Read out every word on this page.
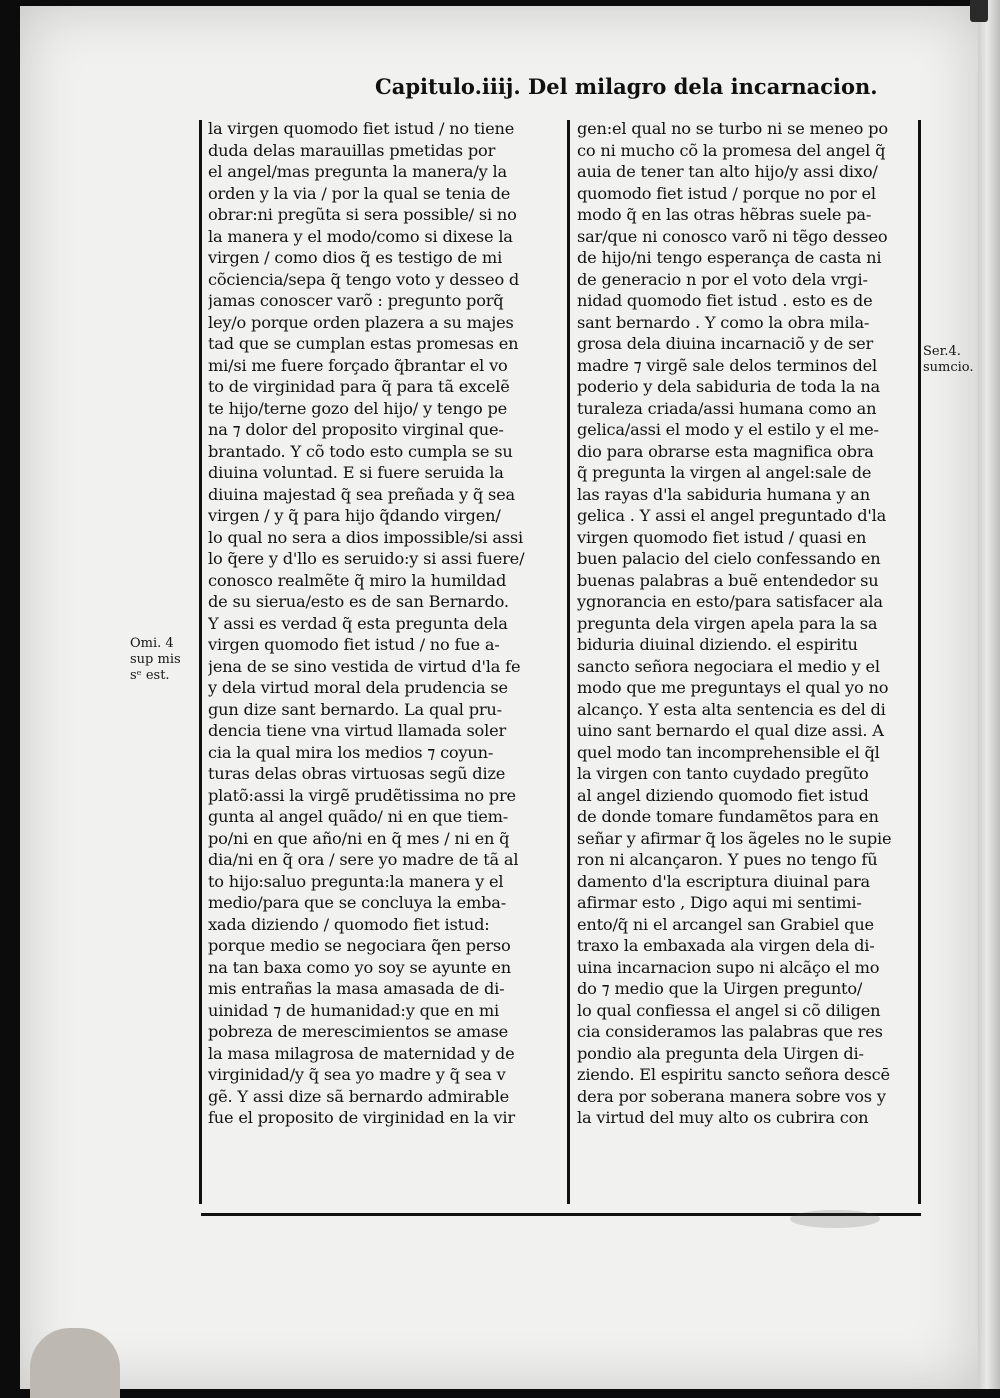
Capitulo.iiij. Del milagro dela incarnacion.
la virgen quomodo fiet istud / no tiene
duda delas marauillas pmetidas por
el angel/mas pregunta la manera/y la
orden y la via / por la qual se tenia de
obrar:ni pregũta si sera possible/ si no
la manera y el modo/como si dixese la
virgen / como dios q̃ es testigo de mi
cõciencia/sepa q̃ tengo voto y desseo d
jamas conoscer varõ : pregunto porq̃
ley/o porque orden plazera a su majes
tad que se cumplan estas promesas en
mi/si me fuere forçado q̃brantar el vo
to de virginidad para q̃ para tã excelẽ
te hijo/terne gozo del hijo/ y tengo pe
na ⁊ dolor del proposito virginal que-
brantado. Y cõ todo esto cumpla se su
diuina voluntad. E si fuere seruida la
diuina majestad q̃ sea preñada y q̃ sea
virgen / y q̃ para hijo q̃dando virgen/
lo qual no sera a dios impossible/si assi
lo q̃ere y d'llo es seruido:y si assi fuere/
conosco realmẽte q̃ miro la humildad
de su sierua/esto es de san Bernardo.
Y assi es verdad q̃ esta pregunta dela
virgen quomodo fiet istud / no fue a-
jena de se sino vestida de virtud d'la fe
y dela virtud moral dela prudencia se
gun dize sant bernardo. La qual pru-
dencia tiene vna virtud llamada soler
cia la qual mira los medios ⁊ coyun-
turas delas obras virtuosas segũ dize
platõ:assi la virgẽ prudẽtissima no pre
gunta al angel quãdo/ ni en que tiem-
po/ni en que año/ni en q̃ mes / ni en q̃
dia/ni en q̃ ora / sere yo madre de tã al
to hijo:saluo pregunta:la manera y el
medio/para que se concluya la emba-
xada diziendo / quomodo fiet istud:
porque medio se negociara q̃en perso
na tan baxa como yo soy se ayunte en
mis entrañas la masa amasada de di-
uinidad ⁊ de humanidad:y que en mi
pobreza de merescimientos se amase
la masa milagrosa de maternidad y de
virginidad/y q̃ sea yo madre y q̃ sea v
gẽ. Y assi dize sã bernardo admirable
fue el proposito de virginidad en la vir
gen:el qual no se turbo ni se meneo po
co ni mucho cõ la promesa del angel q̃
auia de tener tan alto hijo/y assi dixo/
quomodo fiet istud / porque no por el
modo q̃ en las otras hẽbras suele pa-
sar/que ni conosco varõ ni tẽgo desseo
de hijo/ni tengo esperança de casta ni
de generacio n por el voto dela vrgi-
nidad quomodo fiet istud . esto es de
sant bernardo . Y como la obra mila-
grosa dela diuina incarnaciõ y de ser
madre ⁊ virgẽ sale delos terminos del
poderio y dela sabiduria de toda la na
turaleza criada/assi humana como an
gelica/assi el modo y el estilo y el me-
dio para obrarse esta magnifica obra
q̃ pregunta la virgen al angel:sale de
las rayas d'la sabiduria humana y an
gelica . Y assi el angel preguntado d'la
virgen quomodo fiet istud / quasi en
buen palacio del cielo confessando en
buenas palabras a buẽ entendedor su
ygnorancia en esto/para satisfacer ala
pregunta dela virgen apela para la sa
biduria diuinal diziendo. el espiritu
sancto señora negociara el medio y el
modo que me preguntays el qual yo no
alcanço. Y esta alta sentencia es del di
uino sant bernardo el qual dize assi. A
quel modo tan incomprehensible el q̃l
la virgen con tanto cuydado pregũto
al angel diziendo quomodo fiet istud
de donde tomare fundamẽtos para en
señar y afirmar q̃ los ãgeles no le supie
ron ni alcançaron. Y pues no tengo fũ
damento d'la escriptura diuinal para
afirmar esto , Digo aqui mi sentimi-
ento/q̃ ni el arcangel san Grabiel que
traxo la embaxada ala virgen dela di-
uina incarnacion supo ni alcãço el mo
do ⁊ medio que la Uirgen pregunto/
lo qual confiessa el angel si cõ diligen
cia consideramos las palabras que res
pondio ala pregunta dela Uirgen di-
ziendo. El espiritu sancto señora descē
dera por soberana manera sobre vos y
la virtud del muy alto os cubrira con
Omi. 4
sup mis
sᵉ est.
Ser.4.
sumcio.
